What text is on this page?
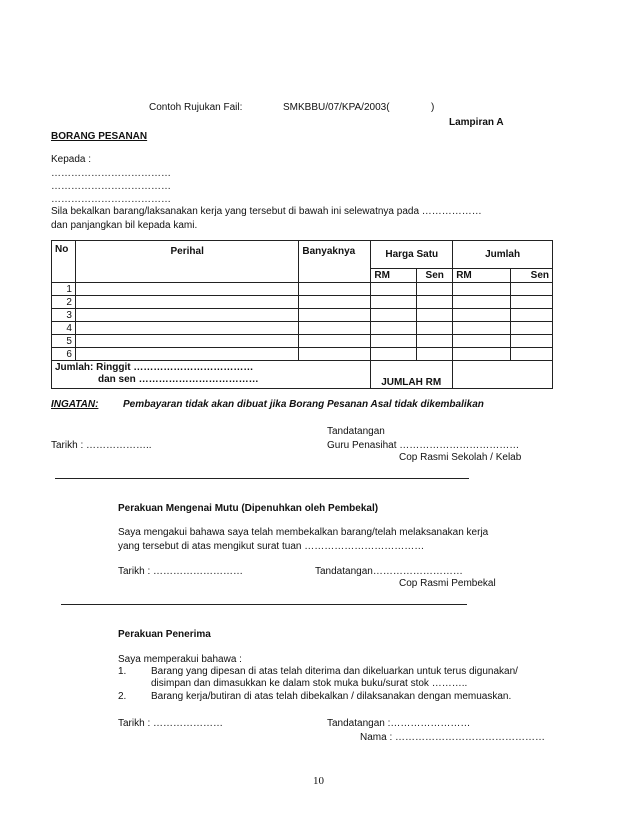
Contoh Rujukan Fail:	SMKBBU/07/KPA/2003(	)
Lampiran A
BORANG PESANAN
Kepada :
………………………………
………………………………
………………………………
Sila bekalkan barang/laksanakan kerja yang tersebut di bawah ini selewatnya pada ………………
dan panjangkan bil kepada kami.
No	Perihal	Banyaknya	Harga Satu		Jumlah	
			RM	Sen	RM	Sen
1						
2						
3						
4						
5						
6						

Jumlah: Ringgit ………………………………
dan sen ………………………………					JUMLAH RM	
INGATAN: Pembayaran tidak akan dibuat jika Borang Pesanan Asal tidak dikembalikan
Tandatangan
Tarikh : ………………..	Guru Penasihat ………………………………
Cop Rasmi Sekolah / Kelab
Perakuan Mengenai Mutu (Dipenuhkan oleh Pembekal)
Saya mengakui bahawa saya telah membekalkan barang/telah melaksanakan kerja
yang tersebut di atas mengikut surat tuan ………………………………
Tarikh : ………………………	Tandatangan………………………
Cop Rasmi Pembekal
Perakuan Penerima
Saya memperakui bahawa :
1. Barang yang dipesan di atas telah diterima dan dikeluarkan untuk terus digunakan/
disimpan dan dimasukkan ke dalam stok muka buku/surat stok ………..
2. Barang kerja/butiran di atas telah dibekalkan / dilaksanakan dengan memuaskan.
Tarikh : …………………	Tandatangan :……………………
Nama : ………………………………………
10
